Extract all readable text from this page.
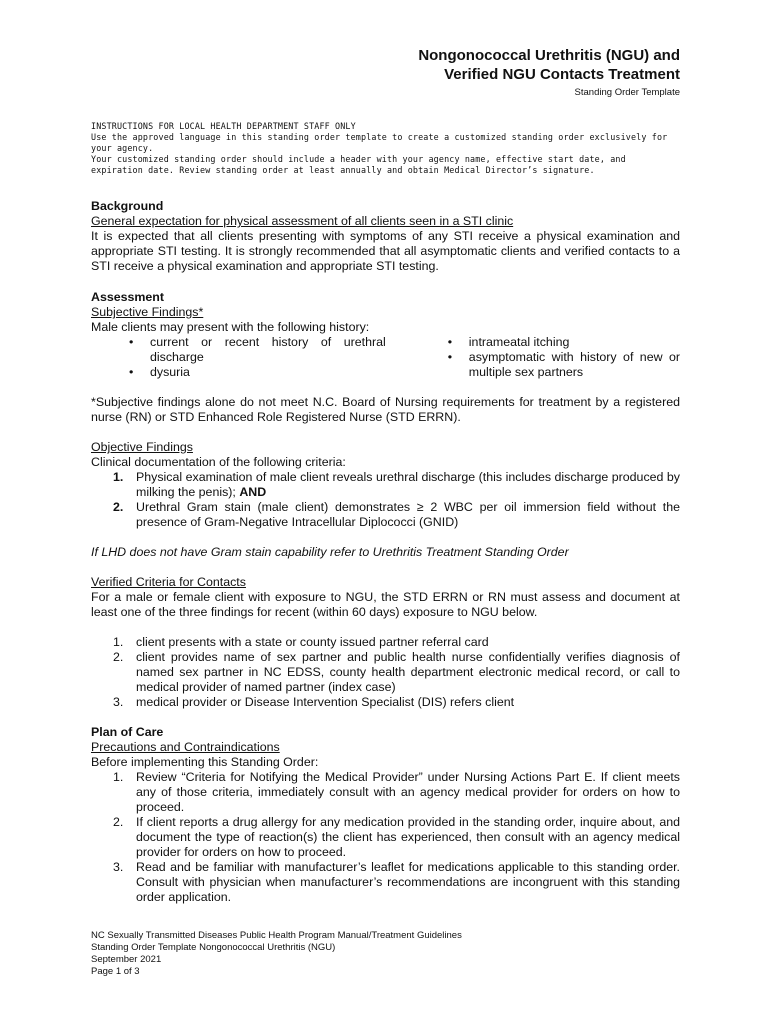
Nongonococcal Urethritis (NGU) and
Verified NGU Contacts Treatment
Standing Order Template
INSTRUCTIONS FOR LOCAL HEALTH DEPARTMENT STAFF ONLY
Use the approved language in this standing order template to create a customized standing order exclusively for your agency.
Your customized standing order should include a header with your agency name, effective start date, and expiration date. Review standing order at least annually and obtain Medical Director’s signature.
Background

General expectation for physical assessment of all clients seen in a STI clinic

It is expected that all clients presenting with symptoms of any STI receive a physical examination and appropriate STI testing. It is strongly recommended that all asymptomatic clients and verified contacts to a STI receive a physical examination and appropriate STI testing.

Assessment

Subjective Findings*

Male clients may present with the following history:

• current or recent history of urethral discharge
• dysuria
• intrameatal itching
• asymptomatic with history of new or multiple sex partners

*Subjective findings alone do not meet N.C. Board of Nursing requirements for treatment by a registered nurse (RN) or STD Enhanced Role Registered Nurse (STD ERRN).

Objective Findings

Clinical documentation of the following criteria:

1. Physical examination of male client reveals urethral discharge (this includes discharge produced by milking the penis); AND
2. Urethral Gram stain (male client) demonstrates ≥ 2 WBC per oil immersion field without the presence of Gram-Negative Intracellular Diplococci (GNID)

If LHD does not have Gram stain capability refer to Urethritis Treatment Standing Order

Verified Criteria for Contacts

For a male or female client with exposure to NGU, the STD ERRN or RN must assess and document at least one of the three findings for recent (within 60 days) exposure to NGU below.

1. client presents with a state or county issued partner referral card
2. client provides name of sex partner and public health nurse confidentially verifies diagnosis of named sex partner in NC EDSS, county health department electronic medical record, or call to medical provider of named partner (index case)
3. medical provider or Disease Intervention Specialist (DIS) refers client
Plan of Care

Precautions and Contraindications

Before implementing this Standing Order:

1. Review “Criteria for Notifying the Medical Provider” under Nursing Actions Part E. If client meets any of those criteria, immediately consult with an agency medical provider for orders on how to proceed.
2. If client reports a drug allergy for any medication provided in the standing order, inquire about, and document the type of reaction(s) the client has experienced, then consult with an agency medical provider for orders on how to proceed.
3. Read and be familiar with manufacturer’s leaflet for medications applicable to this standing order. Consult with physician when manufacturer’s recommendations are incongruent with this standing order application.
NC Sexually Transmitted Diseases Public Health Program Manual/Treatment Guidelines
Standing Order Template Nongonococcal Urethritis (NGU)
September 2021
Page 1 of 3
